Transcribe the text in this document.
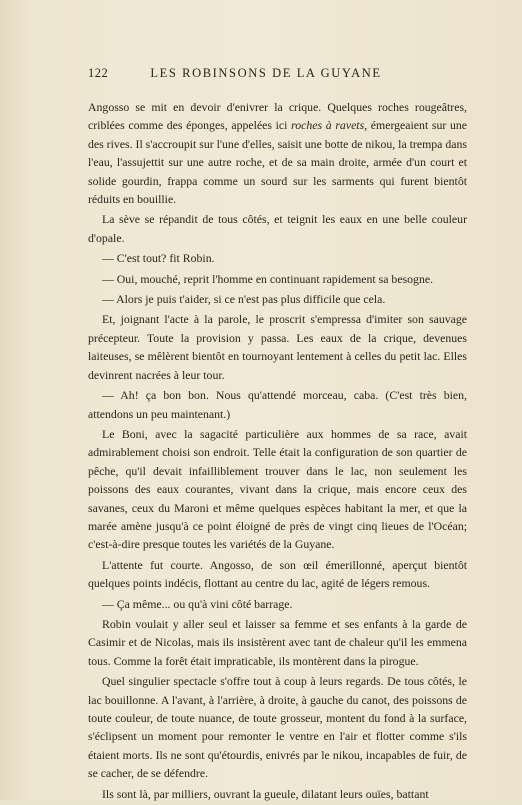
122	LES ROBINSONS DE LA GUYANE

Angosso se mit en devoir d'enivrer la crique. Quelques roches rougeâtres, criblées comme des éponges, appelées ici roches à ravets, émergeaient sur une des rives. Il s'accroupit sur l'une d'elles, saisit une botte de nikou, la trempa dans l'eau, l'assujettit sur une autre roche, et de sa main droite, armée d'un court et solide gourdin, frappa comme un sourd sur les sarments qui furent bientôt réduits en bouillie.

La sève se répandit de tous côtés, et teignit les eaux en une belle couleur d'opale.

— C'est tout? fit Robin.

— Oui, mouché, reprit l'homme en continuant rapidement sa besogne.

— Alors je puis t'aider, si ce n'est pas plus difficile que cela.

Et, joignant l'acte à la parole, le proscrit s'empressa d'imiter son sauvage précepteur. Toute la provision y passa. Les eaux de la crique, devenues laiteuses, se mêlèrent bientôt en tournoyant lentement à celles du petit lac. Elles devinrent nacrées à leur tour.

— Ah! ça bon bon. Nous qu'attendé morceau, caba. (C'est très bien, attendons un peu maintenant.)

Le Boni, avec la sagacité particulière aux hommes de sa race, avait admirablement choisi son endroit. Telle était la configuration de son quartier de pêche, qu'il devait infailliblement trouver dans le lac, non seulement les poissons des eaux courantes, vivant dans la crique, mais encore ceux des savanes, ceux du Maroni et même quelques espèces habitant la mer, et que la marée amène jusqu'à ce point éloigné de près de vingt cinq lieues de l'Océan; c'est-à-dire presque toutes les variétés de la Guyane.

L'attente fut courte. Angosso, de son œil émerillonné, aperçut bientôt quelques points indécis, flottant au centre du lac, agité de légers remous.

— Ça même... ou qu'à vini côté barrage.

Robin voulait y aller seul et laisser sa femme et ses enfants à la garde de Casimir et de Nicolas, mais ils insistèrent avec tant de chaleur qu'il les emmena tous. Comme la forêt était impraticable, ils montèrent dans la pirogue.

Quel singulier spectacle s'offre tout à coup à leurs regards. De tous côtés, le lac bouillonne. A l'avant, à l'arrière, à droite, à gauche du canot, des poissons de toute couleur, de toute nuance, de toute grosseur, montent du fond à la surface, s'éclipsent un moment pour remonter le ventre en l'air et flotter comme s'ils étaient morts. Ils ne sont qu'étourdis, enivrés par le nikou, incapables de fuir, de se cacher, de se défendre.

Ils sont là, par milliers, ouvrant la gueule, dilatant leurs ouïes, battant
